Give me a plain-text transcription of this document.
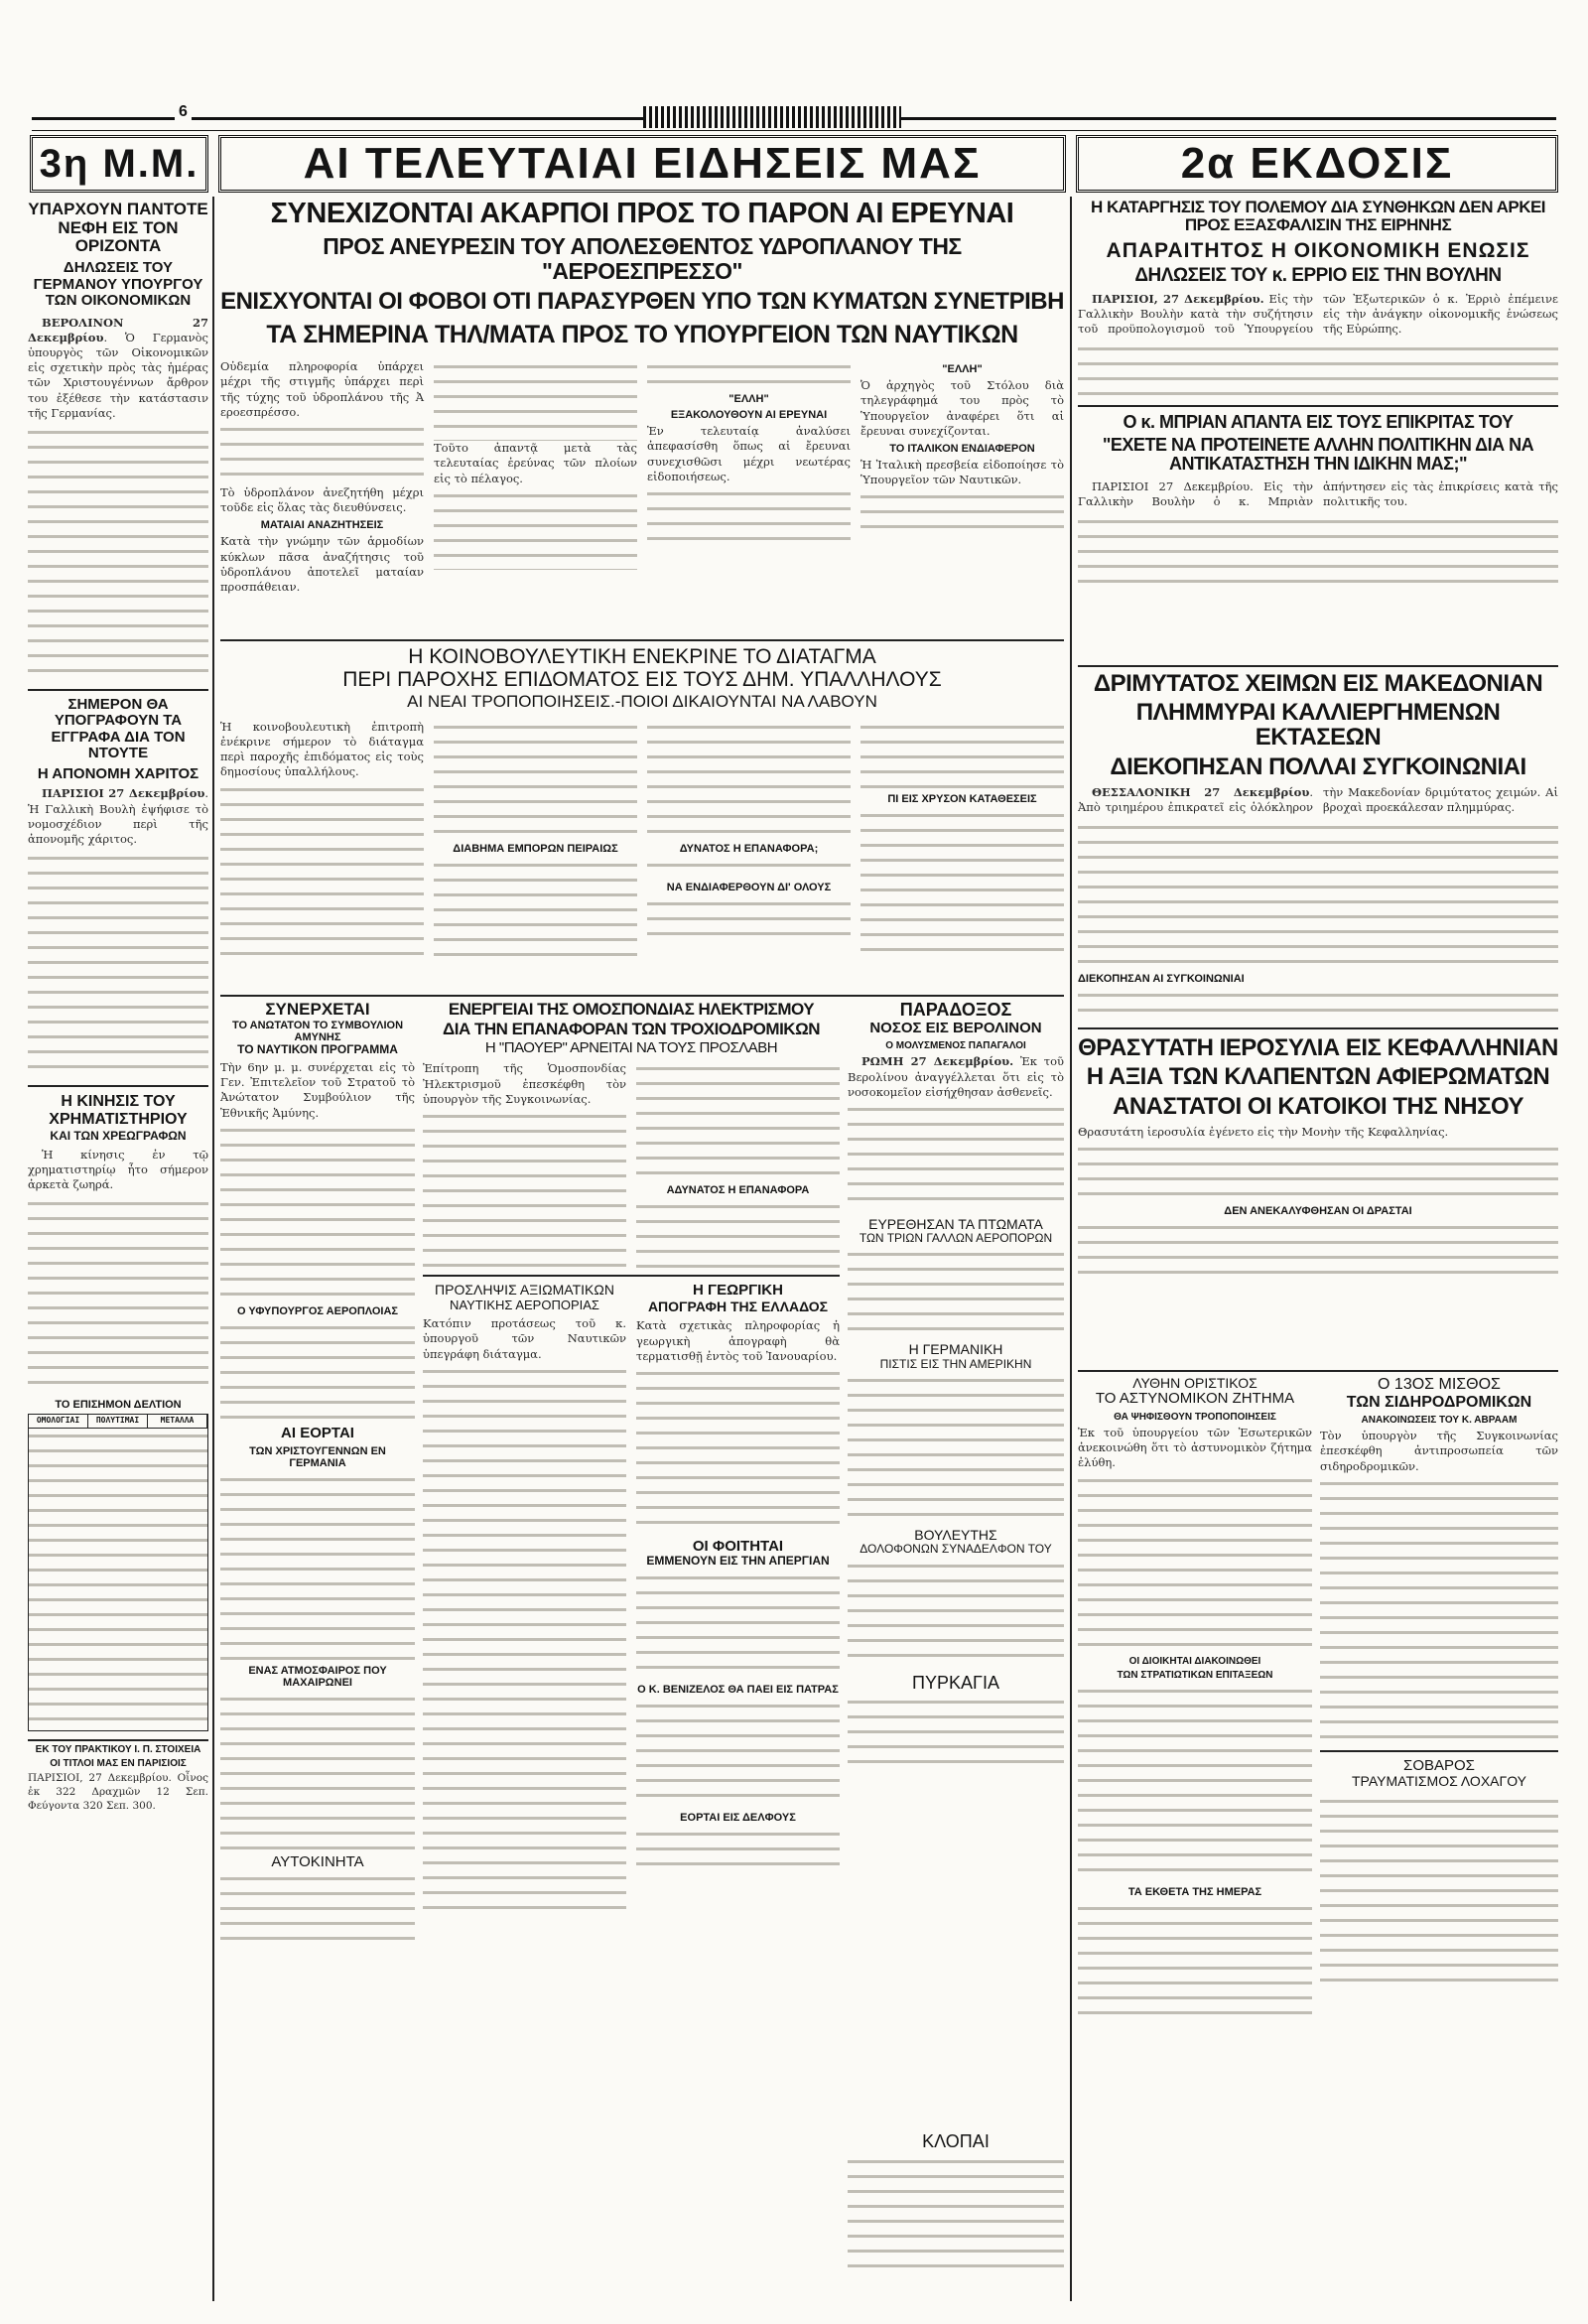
6
3η Μ.Μ.	ΑΙ ΤΕΛΕΥΤΑΙΑΙ ΕΙΔΗΣΕΙΣ ΜΑΣ	2α ΕΚΔΟΣΙΣ
ΥΠΑΡΧΟΥΝ ΠΑΝΤΟΤΕ ΝΕΦΗ ΕΙΣ ΤΟΝ ΟΡΙΖΟΝΤΑ
ΔΗΛΩΣΕΙΣ ΤΟΥ ΓΕΡΜΑΝΟΥ ΥΠΟΥΡΓΟΥ ΤΩΝ ΟΙΚΟΝΟΜΙΚΩΝ

ΒΕΡΟΛΙΝΟΝ 27 Δεκεμβρίου. Ὁ Γερμανὸς ὑπουργὸς τῶν Οἰκονομικῶν εἰς σχετικὴν πρὸς τὰς ἡμέρας τῶν Χριστουγέννων ἄρθρον του ἐξέθεσε τὴν κατάστασιν τῆς Γερμανίας.

ΣΗΜΕΡΟΝ ΘΑ ΥΠΟΓΡΑΦΟΥΝ ΤΑ ΕΓΓΡΑΦΑ ΔΙΑ ΤΟΝ ΝΤΟΥΤΕ
Η ΑΠΟΝΟΜΗ ΧΑΡΙΤΟΣ

ΠΑΡΙΣΙΟΙ 27 Δεκεμβρίου. Ἡ Γαλλικὴ Βουλὴ ἐψήφισε τὸ νομοσχέδιον περὶ τῆς ἀπονομῆς χάριτος.

Η ΚΙΝΗΣΙΣ ΤΟΥ ΧΡΗΜΑΤΙΣΤΗΡΙΟΥ
ΚΑΙ ΤΩΝ ΧΡΕΩΓΡΑΦΩΝ

Ἡ κίνησις ἐν τῷ χρηματιστηρίῳ ἦτο σήμερον ἀρκετὰ ζωηρά.

ΤΟ ΕΠΙΣΗΜΟΝ ΔΕΛΤΙΟΝ
ΟΜΟΛΟΓΙΑΙ	ΠΟΛΥΤΙΜΑΙ	ΜΕΤΑΛΛΑ
ΕΚ ΤΟΥ ΠΡΑΚΤΙΚΟΥ Ι. Π. ΣΤΟΙΧΕΙΑ
ΟΙ ΤΙΤΛΟΙ ΜΑΣ ΕΝ ΠΑΡΙΣΙΟΙΣ
ΠΑΡΙΣΙΟΙ, 27 Δεκεμβρίου. Οἶνος ἐκ 322 Δραχμῶν 12 Σεπ. Φεύγοντα 320 Σεπ. 300.
ΣΥΝΕΧΙΖΟΝΤΑΙ ΑΚΑΡΠΟΙ ΠΡΟΣ ΤΟ ΠΑΡΟΝ ΑΙ ΕΡΕΥΝΑΙ
ΠΡΟΣ ΑΝΕΥΡΕΣΙΝ ΤΟΥ ΑΠΟΛΕΣΘΕΝΤΟΣ ΥΔΡΟΠΛΑΝΟΥ ΤΗΣ "ΑΕΡΟΕΣΠΡΕΣΣΟ"
ΕΝΙΣΧΥΟΝΤΑΙ ΟΙ ΦΟΒΟΙ ΟΤΙ ΠΑΡΑΣΥΡΘΕΝ ΥΠΟ ΤΩΝ ΚΥΜΑΤΩΝ ΣΥΝΕΤΡΙΒΗ
ΤΑ ΣΗΜΕΡΙΝΑ ΤΗΛ/ΜΑΤΑ ΠΡΟΣ ΤΟ ΥΠΟΥΡΓΕΙΟΝ ΤΩΝ ΝΑΥΤΙΚΩΝ
Οὐδεμία πληροφορία ὑπάρχει μέχρι τῆς στιγμῆς ὑπάρχει περὶ τῆς τύχης τοῦ ὑδροπλάνου τῆς Ἀ εροεσπρέσσο.
Τὸ ὑδροπλάνον ἀνεζητήθη μέχρι τοῦδε εἰς ὅλας τὰς διευθύνσεις.
ΜΑΤΑΙΑΙ ΑΝΑΖΗΤΗΣΕΙΣ
Κατὰ τὴν γνώμην τῶν ἁρμοδίων κύκλων πᾶσα ἀναζήτησις τοῦ ὑδροπλάνου ἀποτελεῖ ματαίαν προσπάθειαν.
Τοῦτο ἀπαντᾷ μετὰ τὰς τελευταίας ἐρεύνας τῶν πλοίων εἰς τὸ πέλαγος.
"ΕΛΛΗ"
ΕΞΑΚΟΛΟΥΘΟΥΝ ΑΙ ΕΡΕΥΝΑΙ
Ἐν τελευταίᾳ ἀναλύσει ἀπεφασίσθη ὅπως αἱ ἔρευναι συνεχισθῶσι μέχρι νεωτέρας εἰδοποιήσεως.
"ΕΛΛΗ"
Ὁ ἀρχηγὸς τοῦ Στόλου διὰ τηλεγράφημά του πρὸς τὸ Ὑπουργεῖον ἀναφέρει ὅτι αἱ ἔρευναι συνεχίζονται.
ΤΟ ΙΤΑΛΙΚΟΝ ΕΝΔΙΑΦΕΡΟΝ
Ἡ Ἰταλικὴ πρεσβεία εἰδοποίησε τὸ Ὑπουργεῖον τῶν Ναυτικῶν.
Η ΚΑΤΑΡΓΗΣΙΣ ΤΟΥ ΠΟΛΕΜΟΥ ΔΙΑ ΣΥΝΘΗΚΩΝ ΔΕΝ ΑΡΚΕΙ ΠΡΟΣ ΕΞΑΣΦΑΛΙΣΙΝ ΤΗΣ ΕΙΡΗΝΗΣ
ΑΠΑΡΑΙΤΗΤΟΣ Η ΟΙΚΟΝΟΜΙΚΗ ΕΝΩΣΙΣ
ΔΗΛΩΣΕΙΣ ΤΟΥ κ. ΕΡΡΙΟ ΕΙΣ ΤΗΝ ΒΟΥΛΗΝ

ΠΑΡΙΣΙΟΙ, 27 Δεκεμβρίου. Εἰς τὴν Γαλλικὴν Βουλὴν κατὰ τὴν συζήτησιν τοῦ προϋπολογισμοῦ τοῦ Ὑπουργείου τῶν Ἐξωτερικῶν ὁ κ. Ἐρριὸ ἐπέμεινε εἰς τὴν ἀνάγκην οἰκονομικῆς ἑνώσεως τῆς Εὐρώπης.

Ο κ. ΜΠΡΙΑΝ ΑΠΑΝΤΑ ΕΙΣ ΤΟΥΣ ΕΠΙΚΡΙΤΑΣ ΤΟΥ
"ΕΧΕΤΕ ΝΑ ΠΡΟΤΕΙΝΕΤΕ ΑΛΛΗΝ ΠΟΛΙΤΙΚΗΝ ΔΙΑ ΝΑ ΑΝΤΙΚΑΤΑΣΤΗΣΗ ΤΗΝ ΙΔΙΚΗΝ ΜΑΣ;"

ΠΑΡΙΣΙΟΙ 27 Δεκεμβρίου. Εἰς τὴν Γαλλικὴν Βουλὴν ὁ κ. Μπριὰν ἀπήντησεν εἰς τὰς ἐπικρίσεις κατὰ τῆς πολιτικῆς του.

Η ΚΟΙΝΟΒΟΥΛΕΥΤΙΚΗ ΕΝΕΚΡΙΝΕ ΤΟ ΔΙΑΤΑΓΜΑ
ΠΕΡΙ ΠΑΡΟΧΗΣ ΕΠΙΔΟΜΑΤΟΣ ΕΙΣ ΤΟΥΣ ΔΗΜ. ΥΠΑΛΛΗΛΟΥΣ
ΑΙ ΝΕΑΙ ΤΡΟΠΟΠΟΙΗΣΕΙΣ.-ΠΟΙΟΙ ΔΙΚΑΙΟΥΝΤΑΙ ΝΑ ΛΑΒΟΥΝ
Ἡ κοινοβουλευτικὴ ἐπιτροπὴ ἐνέκρινε σήμερον τὸ διάταγμα περὶ παροχῆς ἐπιδόματος εἰς τοὺς δημοσίους ὑπαλλήλους.
ΔΙΑΒΗΜΑ ΕΜΠΟΡΩΝ ΠΕΙΡΑΙΩΣ	ΔΥΝΑΤΟΣ Η ΕΠΑΝΑΦΟΡΑ;
ΝΑ ΕΝΔΙΑΦΕΡΘΟΥΝ ΔΙ' ΟΛΟΥΣ
ΠΙ ΕΙΣ ΧΡΥΣΟΝ ΚΑΤΑΘΕΣΕΙΣ
ΔΡΙΜΥΤΑΤΟΣ ΧΕΙΜΩΝ ΕΙΣ ΜΑΚΕΔΟΝΙΑΝ
ΠΛΗΜΜΥΡΑΙ ΚΑΛΛΙΕΡΓΗΜΕΝΩΝ ΕΚΤΑΣΕΩΝ
ΔΙΕΚΟΠΗΣΑΝ ΠΟΛΛΑΙ ΣΥΓΚΟΙΝΩΝΙΑΙ

ΘΕΣΣΑΛΟΝΙΚΗ 27 Δεκεμβρίου. Ἀπὸ τριημέρου ἐπικρατεῖ εἰς ὁλόκληρον τὴν Μακεδονίαν δριμύτατος χειμών. Αἱ βροχαὶ προεκάλεσαν πλημμύρας.

ΔΙΕΚΟΠΗΣΑΝ ΑΙ ΣΥΓΚΟΙΝΩΝΙΑΙ
ΘΡΑΣΥΤΑΤΗ ΙΕΡΟΣΥΛΙΑ ΕΙΣ ΚΕΦΑΛΛΗΝΙΑΝ
Η ΑΞΙΑ ΤΩΝ ΚΛΑΠΕΝΤΩΝ ΑΦΙΕΡΩΜΑΤΩΝ
ΑΝΑΣΤΑΤΟΙ ΟΙ ΚΑΤΟΙΚΟΙ ΤΗΣ ΝΗΣΟΥ
Θρασυτάτη ἱεροσυλία ἐγένετο εἰς τὴν Μονὴν τῆς Κεφαλληνίας.
ΔΕΝ ΑΝΕΚΑΛΥΦΘΗΣΑΝ ΟΙ ΔΡΑΣΤΑΙ
ΣΥΝΕΡΧΕΤΑΙ
ΤΟ ΑΝΩΤΑΤΟΝ ΤΟ ΣΥΜΒΟΥΛΙΟΝ ΑΜΥΝΗΣ
ΤΟ ΝΑΥΤΙΚΟΝ ΠΡΟΓΡΑΜΜΑ
Τὴν 6ην μ. μ. συνέρχεται εἰς τὸ Γεν. Ἐπιτελεῖον τοῦ Στρατοῦ τὸ Ἀνώτατον Συμβούλιον τῆς Ἐθνικῆς Ἀμύνης.
Ο ΥΦΥΠΟΥΡΓΟΣ ΑΕΡΟΠΛΟΙΑΣ
ΑΙ ΕΟΡΤΑΙ
ΤΩΝ ΧΡΙΣΤΟΥΓΕΝΝΩΝ ΕΝ ΓΕΡΜΑΝΙΑ
ΕΝΑΣ ΑΤΜΟΣΦΑΙΡΟΣ ΠΟΥ ΜΑΧΑΙΡΩΝΕΙ
ΑΥΤΟΚΙΝΗΤΑ
ΕΝΕΡΓΕΙΑΙ ΤΗΣ ΟΜΟΣΠΟΝΔΙΑΣ ΗΛΕΚΤΡΙΣΜΟΥ
ΔΙΑ ΤΗΝ ΕΠΑΝΑΦΟΡΑΝ ΤΩΝ ΤΡΟΧΙΟΔΡΟΜΙΚΩΝ
Η "ΠΑΟΥΕΡ" ΑΡΝΕΙΤΑΙ ΝΑ ΤΟΥΣ ΠΡΟΣΛΑΒΗ
Ἐπίτροπη τῆς Ὁμοσπονδίας Ἠλεκτρισμοῦ ἐπεσκέφθη τὸν ὑπουργὸν τῆς Συγκοινωνίας.
ΑΔΥΝΑΤΟΣ Η ΕΠΑΝΑΦΟΡΑ
ΠΡΟΣΛΗΨΙΣ ΑΞΙΩΜΑΤΙΚΩΝ
ΝΑΥΤΙΚΗΣ ΑΕΡΟΠΟΡΙΑΣ
Κατόπιν προτάσεως τοῦ κ. ὑπουργοῦ τῶν Ναυτικῶν ὑπεγράφη διάταγμα.
Η ΓΕΩΡΓΙΚΗ
ΑΠΟΓΡΑΦΗ ΤΗΣ ΕΛΛΑΔΟΣ
Κατὰ σχετικὰς πληροφορίας ἡ γεωργικὴ ἀπογραφὴ θὰ τερματισθῇ ἐντὸς τοῦ Ἰανουαρίου.
ΟΙ ΦΟΙΤΗΤΑΙ
ΕΜΜΕΝΟΥΝ ΕΙΣ ΤΗΝ ΑΠΕΡΓΙΑΝ
Ο Κ. ΒΕΝΙΖΕΛΟΣ ΘΑ ΠΑΕΙ ΕΙΣ ΠΑΤΡΑΣ
ΕΟΡΤΑΙ ΕΙΣ ΔΕΛΦΟΥΣ
ΠΑΡΑΔΟΞΟΣ
ΝΟΣΟΣ ΕΙΣ ΒΕΡΟΛΙΝΟΝ
Ο ΜΟΛΥΣΜΕΝΟΣ ΠΑΠΑΓΑΛΟΙ

ΡΩΜΗ 27 Δεκεμβρίου. Ἐκ τοῦ Βερολίνου ἀναγγέλλεται ὅτι εἰς τὸ νοσοκομεῖον εἰσήχθησαν ἀσθενεῖς.

ΕΥΡΕΘΗΣΑΝ ΤΑ ΠΤΩΜΑΤΑ
ΤΩΝ ΤΡΙΩΝ ΓΑΛΛΩΝ ΑΕΡΟΠΟΡΩΝ
Η ΓΕΡΜΑΝΙΚΗ
ΠΙΣΤΙΣ ΕΙΣ ΤΗΝ ΑΜΕΡΙΚΗΝ
ΒΟΥΛΕΥΤΗΣ
ΔΟΛΟΦΟΝΩΝ ΣΥΝΑΔΕΛΦΟΝ ΤΟΥ
ΠΥΡΚΑΓΙΑ
ΚΛΟΠΑΙ
ΛΥΘΗΝ ΟΡΙΣΤΙΚΟΣ
ΤΟ ΑΣΤΥΝΟΜΙΚΟΝ ΖΗΤΗΜΑ
ΘΑ ΨΗΦΙΣΘΟΥΝ ΤΡΟΠΟΠΟΙΗΣΕΙΣ
Ἐκ τοῦ ὑπουργείου τῶν Ἐσωτερικῶν ἀνεκοινώθη ὅτι τὸ ἀστυνομικὸν ζήτημα ἐλύθη.
ΟΙ ΔΙΟΙΚΗΤΑΙ ΔΙΑΚΟΙΝΩΘΕΙ
ΤΩΝ ΣΤΡΑΤΙΩΤΙΚΩΝ ΕΠΙΤΑΞΕΩΝ
ΤΑ ΕΚΘΕΤΑ ΤΗΣ ΗΜΕΡΑΣ
Ο 13ΟΣ ΜΙΣΘΟΣ
ΤΩΝ ΣΙΔΗΡΟΔΡΟΜΙΚΩΝ
ΑΝΑΚΟΙΝΩΣΕΙΣ ΤΟΥ Κ. ΑΒΡΑΑΜ
Τὸν ὑπουργὸν τῆς Συγκοινωνίας ἐπεσκέφθη ἀντιπροσωπεία τῶν σιδηροδρομικῶν.
ΣΟΒΑΡΟΣ
ΤΡΑΥΜΑΤΙΣΜΟΣ ΛΟΧΑΓΟΥ
